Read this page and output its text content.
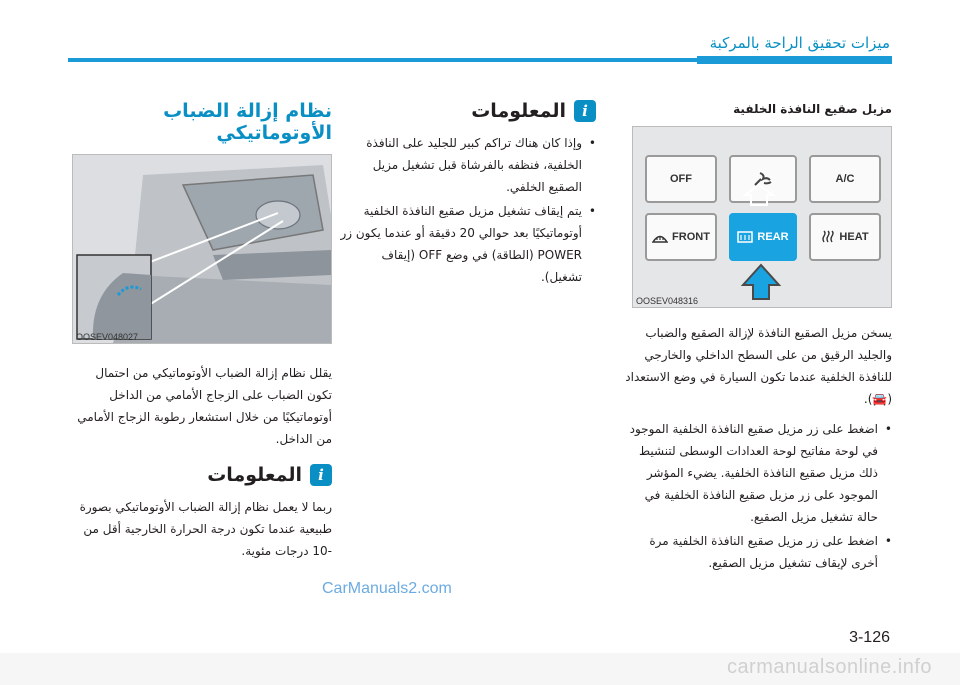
ميزات تحقيق الراحة بالمركبة
مزيل صقيع النافذة الخلفية
OFF	A/C
FRONT	REAR	HEAT
OOSEV048316

يسخن مزيل الصقيع النافذة لإزالة الصقيع والضباب والجليد الرقيق من على السطح الداخلي والخارجي للنافذة الخلفية عندما تكون السيارة في وضع الاستعداد (🚘).

• اضغط على زر مزيل صقيع النافذة الخلفية الموجود في لوحة مفاتيح لوحة العدادات الوسطى لتنشيط ذلك مزيل صقيع النافذة الخلفية. يضيء المؤشر الموجود على زر مزيل صقيع النافذة الخلفية في حالة تشغيل مزيل الصقيع.
• اضغط على زر مزيل صقيع النافذة الخلفية مرة أخرى لإيقاف تشغيل مزيل الصقيع.
i
المعلومات
• وإذا كان هناك تراكم كبير للجليد على النافذة الخلفية، فنظفه بالفرشاة قبل تشغيل مزيل الصقيع الخلفي.
• يتم إيقاف تشغيل مزيل صقيع النافذة الخلفية أوتوماتيكيًا بعد حوالي 20 دقيقة أو عندما يكون زر POWER (الطاقة) في وضع OFF (إيقاف تشغيل).
نظام إزالة الضباب الأوتوماتيكي
OOSEV048027

يقلل نظام إزالة الضباب الأوتوماتيكي من احتمال تكون الضباب على الزجاج الأمامي من الداخل أوتوماتيكيًا من خلال استشعار رطوبة الزجاج الأمامي من الداخل.

i
المعلومات

ربما لا يعمل نظام إزالة الضباب الأوتوماتيكي بصورة طبيعية عندما تكون درجة الحرارة الخارجية أقل من -10 درجات مئوية.

3-126
CarManuals2.com
carmanualsonline.info
